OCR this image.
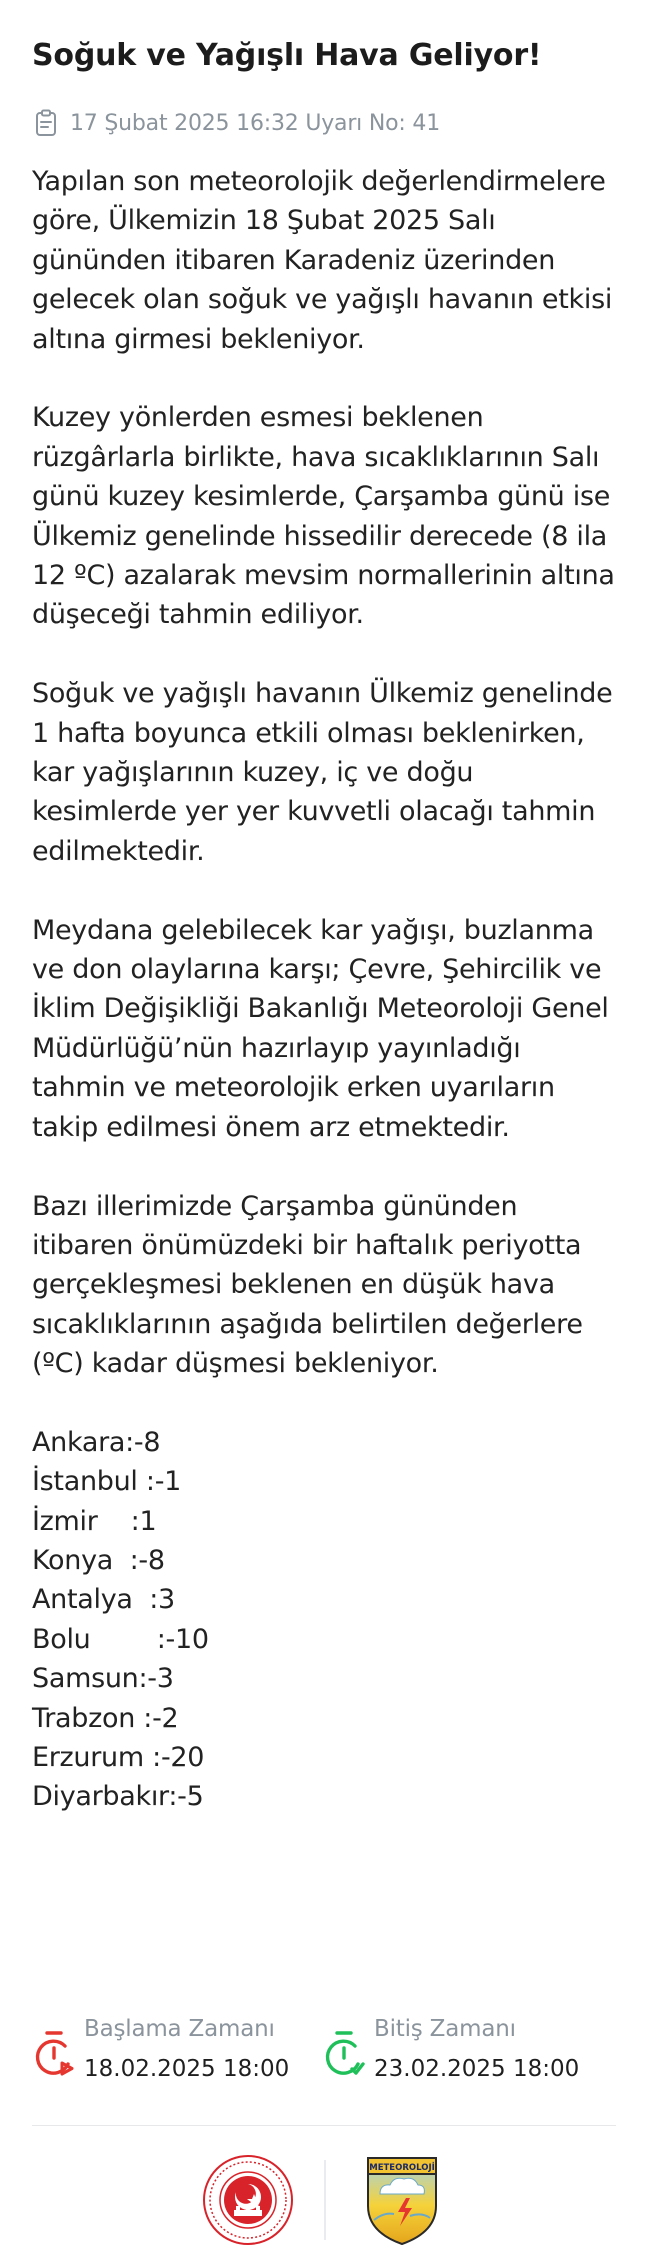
Soğuk ve Yağışlı Hava Geliyor!
17 Şubat 2025 16:32 Uyarı No: 41

Yapılan son meteorolojik değerlendirmelere göre, Ülkemizin 18 Şubat 2025 Salı gününden itibaren Karadeniz üzerinden gelecek olan soğuk ve yağışlı havanın etkisi altına girmesi bekleniyor.

Kuzey yönlerden esmesi beklenen rüzgârlarla birlikte, hava sıcaklıklarının Salı günü kuzey kesimlerde, Çarşamba günü ise Ülkemiz genelinde hissedilir derecede (8 ila 12 ºC) azalarak mevsim normallerinin altına düşeceği tahmin ediliyor.

Soğuk ve yağışlı havanın Ülkemiz genelinde 1 hafta boyunca etkili olması beklenirken, kar yağışlarının kuzey, iç ve doğu kesimlerde yer yer kuvvetli olacağı tahmin edilmektedir.

Meydana gelebilecek kar yağışı, buzlanma ve don olaylarına karşı; Çevre, Şehircilik ve İklim Değişikliği Bakanlığı Meteoroloji Genel Müdürlüğü’nün hazırlayıp yayınladığı tahmin ve meteorolojik erken uyarıların takip edilmesi önem arz etmektedir.

Bazı illerimizde Çarşamba gününden itibaren önümüzdeki bir haftalık periyotta gerçekleşmesi beklenen en düşük hava sıcaklıklarının aşağıda belirtilen değerlere (ºC) kadar düşmesi bekleniyor.

Ankara:-8
İstanbul :-1
İzmir    :1
Konya  :-8
Antalya  :3
Bolu        :-10
Samsun:-3
Trabzon :-2
Erzurum :-20
Diyarbakır:-5
Başlama Zamanı
18.02.2025 18:00
Bitiş Zamanı
23.02.2025 18:00
METEOROLOJİ
